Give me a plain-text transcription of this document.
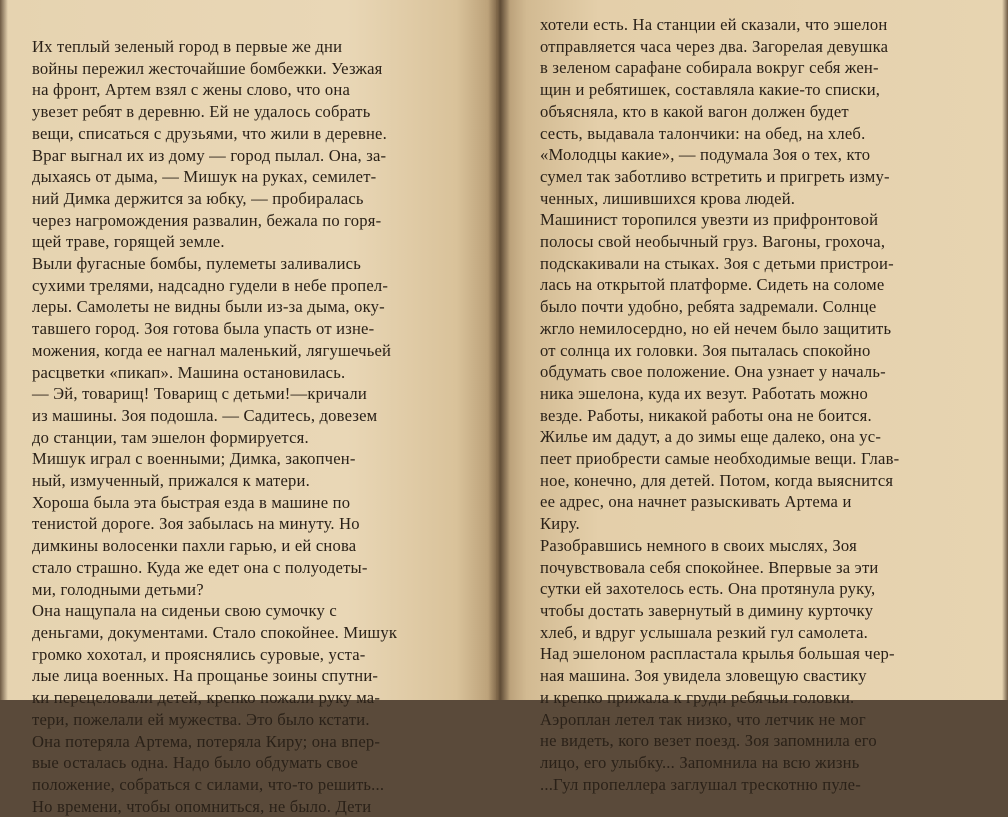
Их теплый зеленый город в первые же дни
войны пережил жесточайшие бомбежки. Уезжая
на фронт, Артем взял с жены слово, что она
увезет ребят в деревню. Ей не удалось собрать
вещи, списаться с друзьями, что жили в деревне.
Враг выгнал их из дому — город пылал. Она, за-
дыхаясь от дыма, — Мишук на руках, семилет-
ний Димка держится за юбку, — пробиралась
через нагромождения развалин, бежала по горя-
щей траве, горящей земле.
Выли фугасные бомбы, пулеметы заливались
сухими трелями, надсадно гудели в небе пропел-
леры. Самолеты не видны были из-за дыма, оку-
тавшего город. Зоя готова была упасть от изне-
можения, когда ее нагнал маленький, лягушечьей
расцветки «пикап». Машина остановилась.
— Эй, товарищ! Товарищ с детьми!—кричали
из машины. Зоя подошла. — Садитесь, довезем
до станции, там эшелон формируется.
Мишук играл с военными; Димка, закопчен-
ный, измученный, прижался к матери.
Хороша была эта быстрая езда в машине по
тенистой дороге. Зоя забылась на минуту. Но
димкины волосенки пахли гарью, и ей снова
стало страшно. Куда же едет она с полуодеты-
ми, голодными детьми?
Она нащупала на сиденьи свою сумочку с
деньгами, документами. Стало спокойнее. Мишук
громко хохотал, и прояснялись суровые, уста-
лые лица военных. На прощанье зоины спутни-
ки перецеловали детей, крепко пожали руку ма-
тери, пожелали ей мужества. Это было кстати.
Она потеряла Артема, потеряла Киру; она впер-
вые осталась одна. Надо было обдумать свое
положение, собраться с силами, что-то решить...
Но времени, чтобы опомниться, не было. Дети

хотели есть. На станции ей сказали, что эшелон
отправляется часа через два. Загорелая девушка
в зеленом сарафане собирала вокруг себя жен-
щин и ребятишек, составляла какие-то списки,
объясняла, кто в какой вагон должен будет
сесть, выдавала талончики: на обед, на хлеб.
«Молодцы какие», — подумала Зоя о тех, кто
сумел так заботливо встретить и пригреть изму-
ченных, лишившихся крова людей.
Машинист торопился увезти из прифронтовой
полосы свой необычный груз. Вагоны, грохоча,
подскакивали на стыках. Зоя с детьми пристрои-
лась на открытой платформе. Сидеть на соломе
было почти удобно, ребята задремали. Солнце
жгло немилосердно, но ей нечем было защитить
от солнца их головки. Зоя пыталась спокойно
обдумать свое положение. Она узнает у началь-
ника эшелона, куда их везут. Работать можно
везде. Работы, никакой работы она не боится.
Жилье им дадут, а до зимы еще далеко, она ус-
пеет приобрести самые необходимые вещи. Глав-
ное, конечно, для детей. Потом, когда выяснится
ее адрес, она начнет разыскивать Артема и
Киру.
Разобравшись немного в своих мыслях, Зоя
почувствовала себя спокойнее. Впервые за эти
сутки ей захотелось есть. Она протянула руку,
чтобы достать завернутый в димину курточку
хлеб, и вдруг услышала резкий гул самолета.
Над эшелоном распластала крылья большая чер-
ная машина. Зоя увидела зловещую свастику
и крепко прижала к груди ребячьи головки.
Аэроплан летел так низко, что летчик не мог
не видеть, кого везет поезд. Зоя запомнила его
лицо, его улыбку... Запомнила на всю жизнь
...Гул пропеллера заглушал трескотню пуле-
